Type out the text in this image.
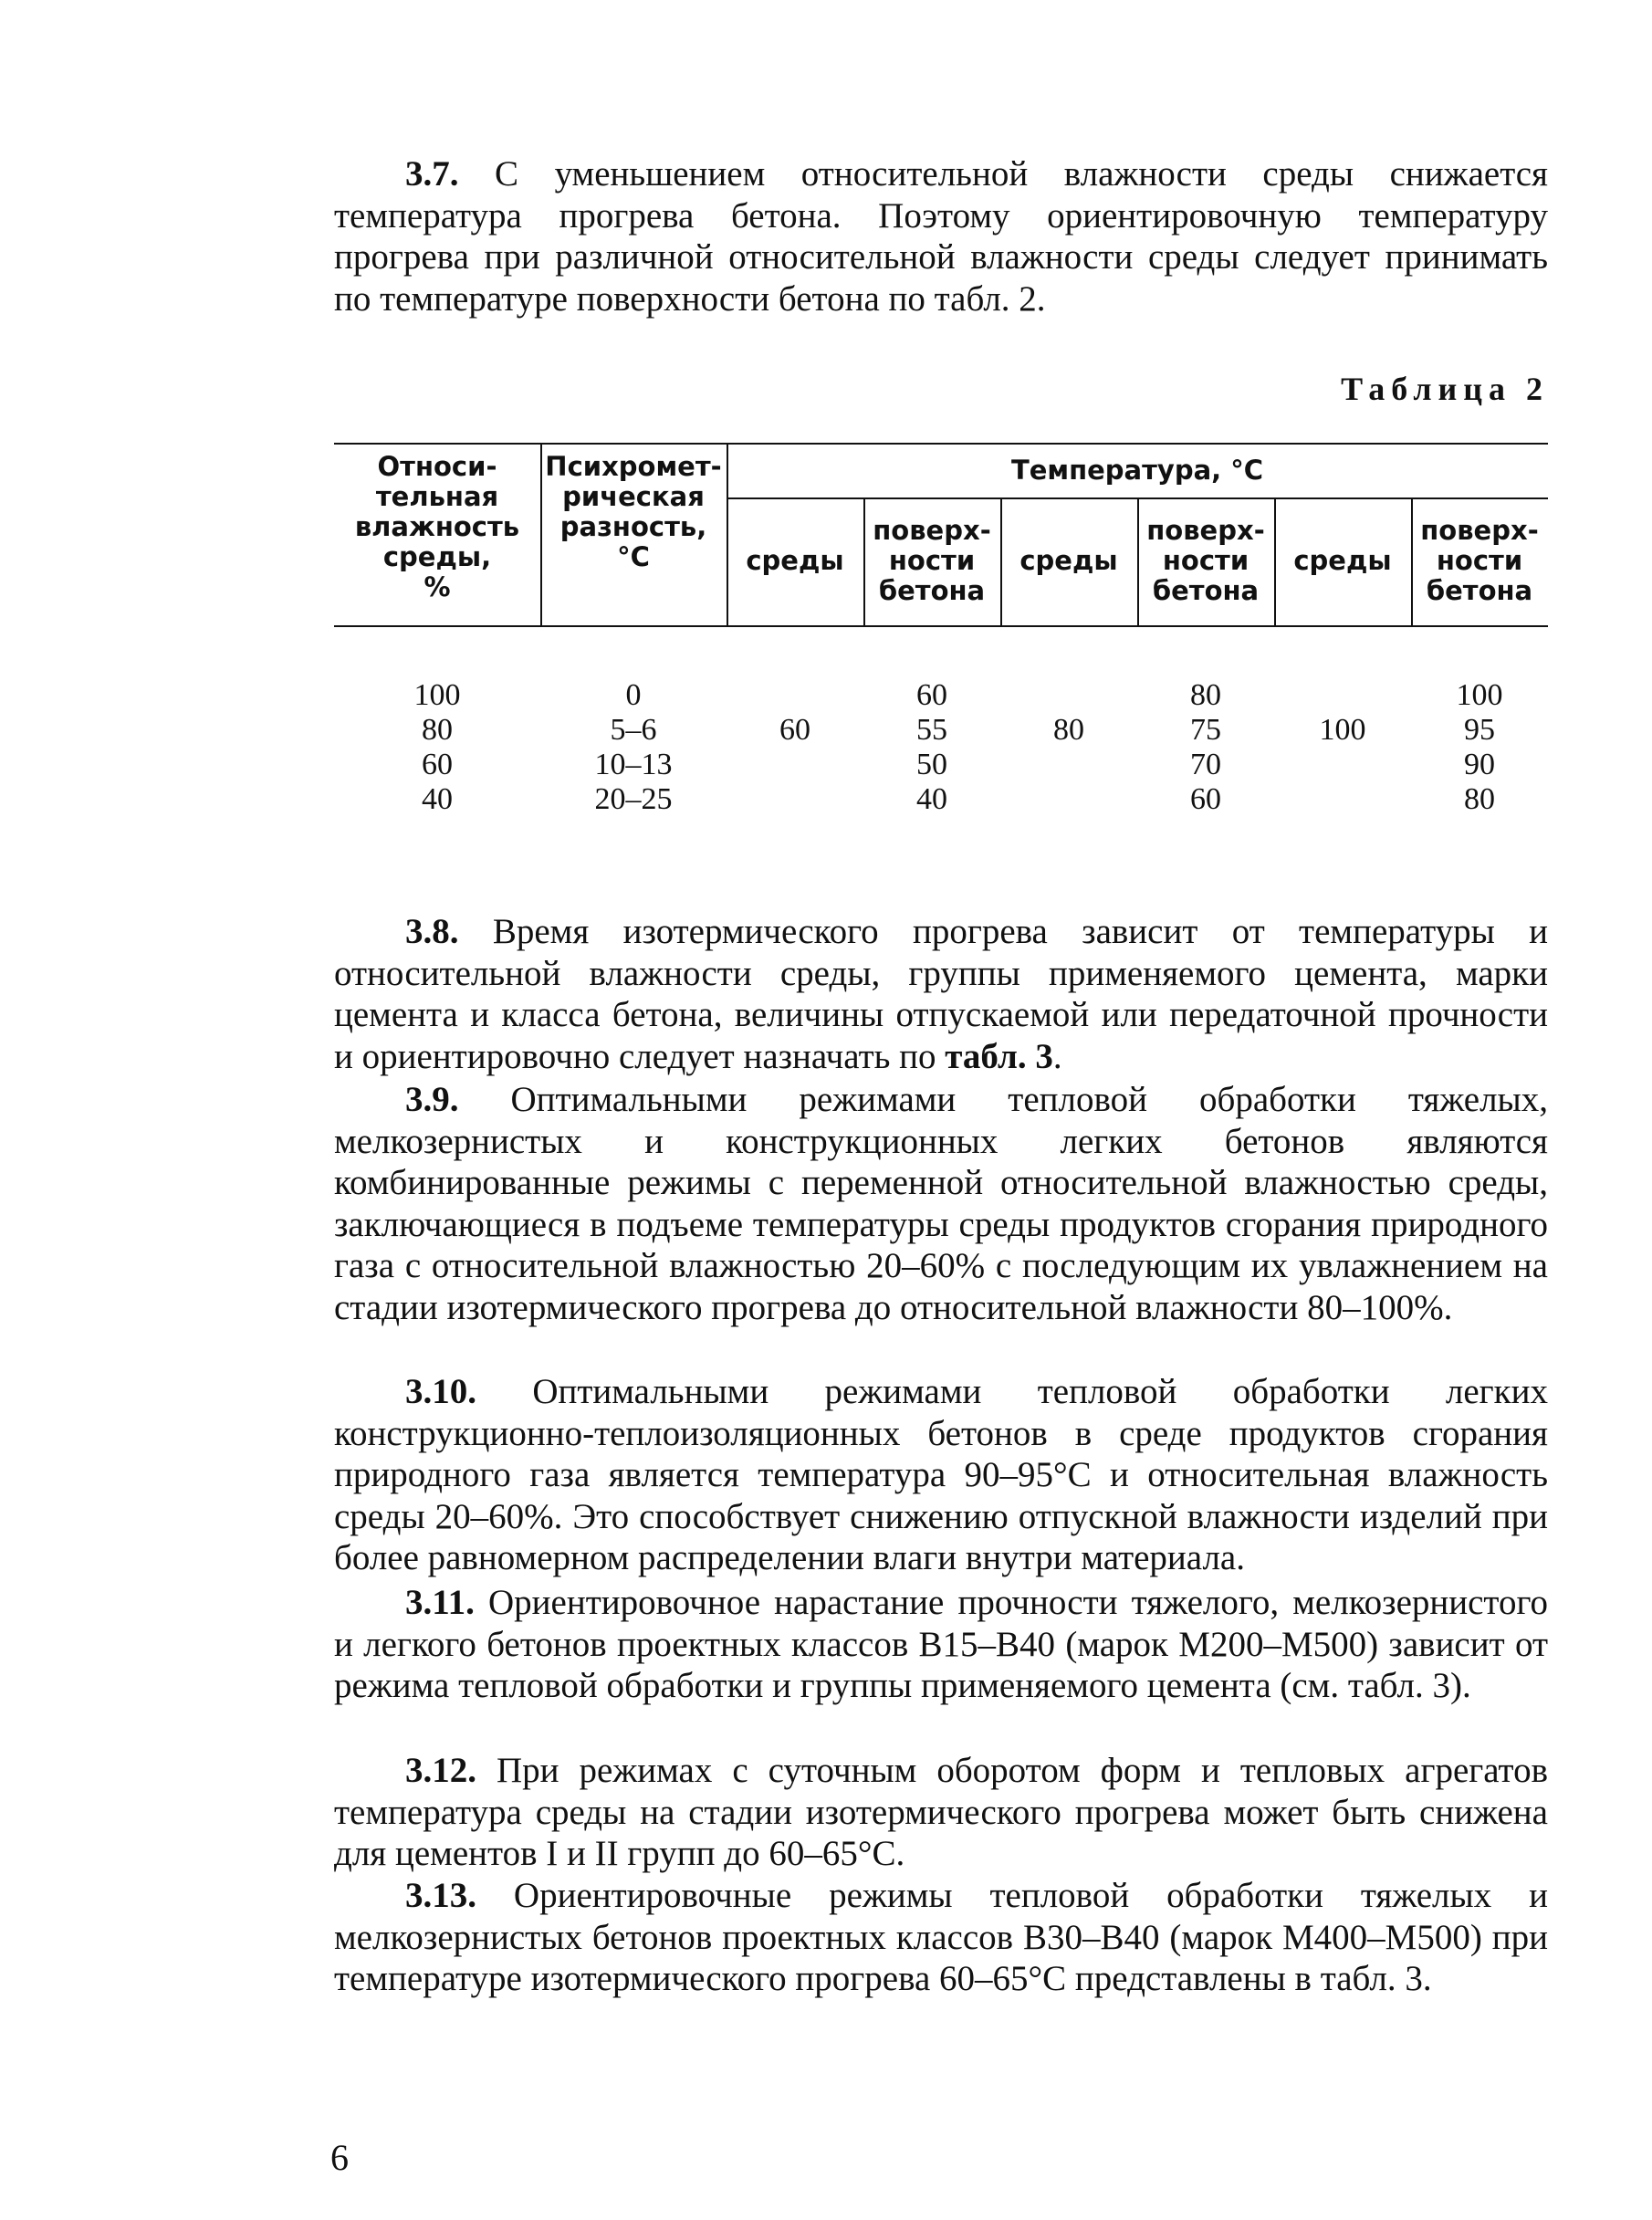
3.7. С уменьшением относительной влажности среды снижается температура прогрева бетона. Поэтому ориентировочную температуру прогрева при различной относительной влажности среды следует принимать по температуре поверхности бетона по табл. 2.

Таблица 2
Относи-
тельная
влажность
среды,
%
Психромет-
рическая
разность,
°С
Температура, °С
среды
поверх-
ности
бетона
среды
поверх-
ности
бетона
среды
поверх-
ности
бетона
100
80
60
40
0
5–6
10–13
20–25
60	80	100
60
55
50
40
80
75
70
60
100
95
90
80

3.8. Время изотермического прогрева зависит от температуры и относительной влажности среды, группы применяемого цемента, марки цемента и класса бетона, величины отпускаемой или передаточной прочности и ориентировочно следует назначать по табл. 3.

3.9. Оптимальными режимами тепловой обработки тяжелых, мелкозернистых и конструкционных легких бетонов являются комбинированные режимы с переменной относительной влажностью среды, заключающиеся в подъеме температуры среды продуктов сгорания природного газа с относительной влажностью 20–60% с последующим их увлажнением на стадии изотермического прогрева до относительной влажности 80–100%.

3.10. Оптимальными режимами тепловой обработки легких конструкционно-теплоизоляционных бетонов в среде продуктов сгорания природного газа является температура 90–95°С и относительная влажность среды 20–60%. Это способствует снижению отпускной влажности изделий при более равномерном распределении влаги внутри материала.

3.11. Ориентировочное нарастание прочности тяжелого, мелкозернистого и легкого бетонов проектных классов В15–В40 (марок М200–М500) зависит от режима тепловой обработки и группы применяемого цемента (см. табл. 3).

3.12. При режимах с суточным оборотом форм и тепловых агрегатов температура среды на стадии изотермического прогрева может быть снижена для цементов I и II групп до 60–65°С.

3.13. Ориентировочные режимы тепловой обработки тяжелых и мелкозернистых бетонов проектных классов В30–В40 (марок М400–М500) при температуре изотермического прогрева 60–65°С представлены в табл. 3.

6
